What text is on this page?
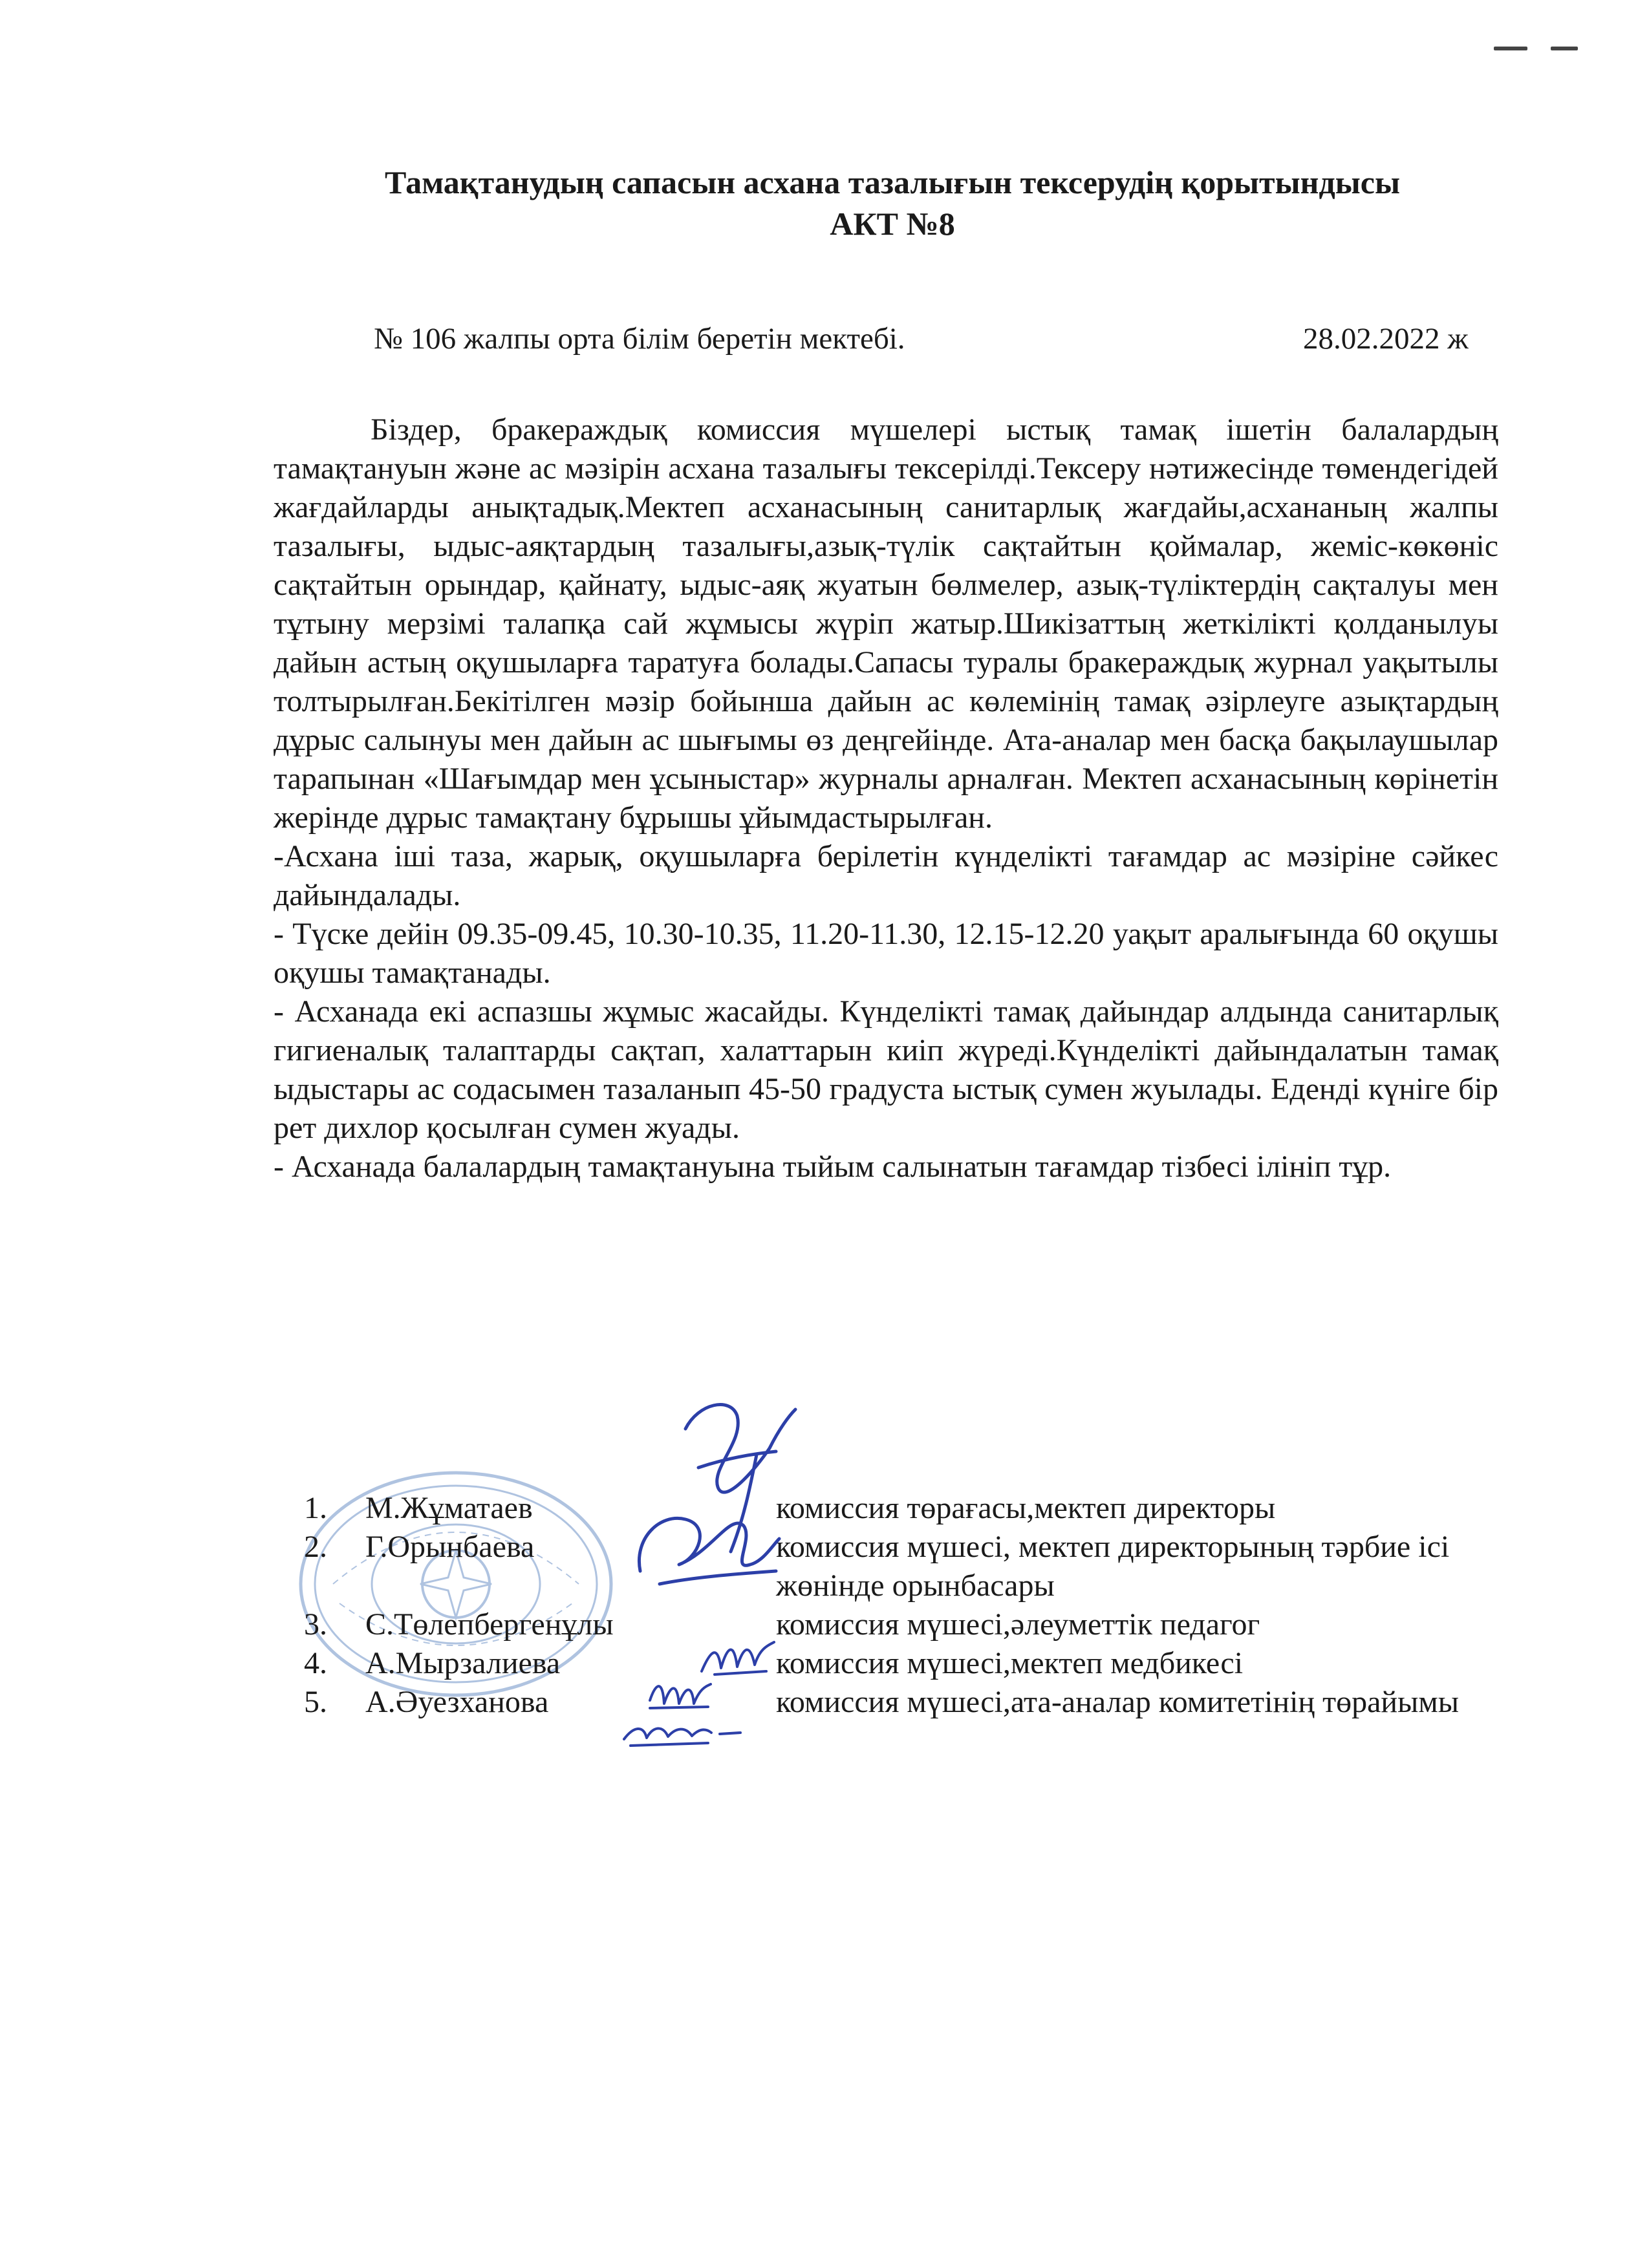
Тамақтанудың сапасын асхана тазалығын тексерудің қорытындысы
АКТ №8
№ 106 жалпы орта білім беретін мектебі.	28.02.2022 ж

Біздер, бракераждық комиссия мүшелері ыстық тамақ ішетін балалардың тамақтануын және ас мәзірін асхана тазалығы тексерілді.Тексеру нәтижесінде төмендегідей жағдайларды анықтадық.Мектеп асханасының санитарлық жағдайы,асхананың жалпы тазалығы, ыдыс-аяқтардың тазалығы,азық-түлік сақтайтын қоймалар, жеміс-көкөніс сақтайтын орындар, қайнату, ыдыс-аяқ жуатын бөлмелер, азық-түліктердің сақталуы мен тұтыну мерзімі талапқа сай жұмысы жүріп жатыр.Шикізаттың жеткілікті қолданылуы дайын астың оқушыларға таратуға болады.Сапасы туралы бракераждық журнал уақытылы толтырылған.Бекітілген мәзір бойынша дайын ас көлемінің тамақ әзірлеуге азықтардың дұрыс салынуы мен дайын ас шығымы өз деңгейінде. Ата-аналар мен басқа бақылаушылар тарапынан «Шағымдар мен ұсыныстар» журналы арналған. Мектеп асханасының көрінетін жерінде дұрыс тамақтану бұрышы ұйымдастырылған.

-Асхана іші таза, жарық, оқушыларға берілетін күнделікті тағамдар ас мәзіріне сәйкес дайындалады.

- Түске дейін 09.35-09.45, 10.30-10.35, 11.20-11.30, 12.15-12.20 уақыт аралығында 60 оқушы оқушы тамақтанады.

- Асханада екі аспазшы жұмыс жасайды. Күнделікті тамақ дайындар алдында санитарлық гигиеналық талаптарды сақтап, халаттарын киіп жүреді.Күнделікті дайындалатын тамақ ыдыстары ас содасымен тазаланып 45-50 градуста ыстық сумен жуылады. Еденді күніге бір рет дихлор қосылған сумен жуады.

- Асханада балалардың тамақтануына тыйым салынатын тағамдар тізбесі ілініп тұр.

1.	М.Жұматаев	комиссия төрағасы,мектеп директоры
2.	Г.Орынбаева	комиссия мүшесі, мектеп директорының тәрбие ісі жөнінде орынбасары
3.	С.Төлепбергенұлы	комиссия мүшесі,әлеуметтік педагог
4.	А.Мырзалиева	комиссия мүшесі,мектеп медбикесі
5.	А.Әуезханова	комиссия мүшесі,ата-аналар комитетінің төрайымы
